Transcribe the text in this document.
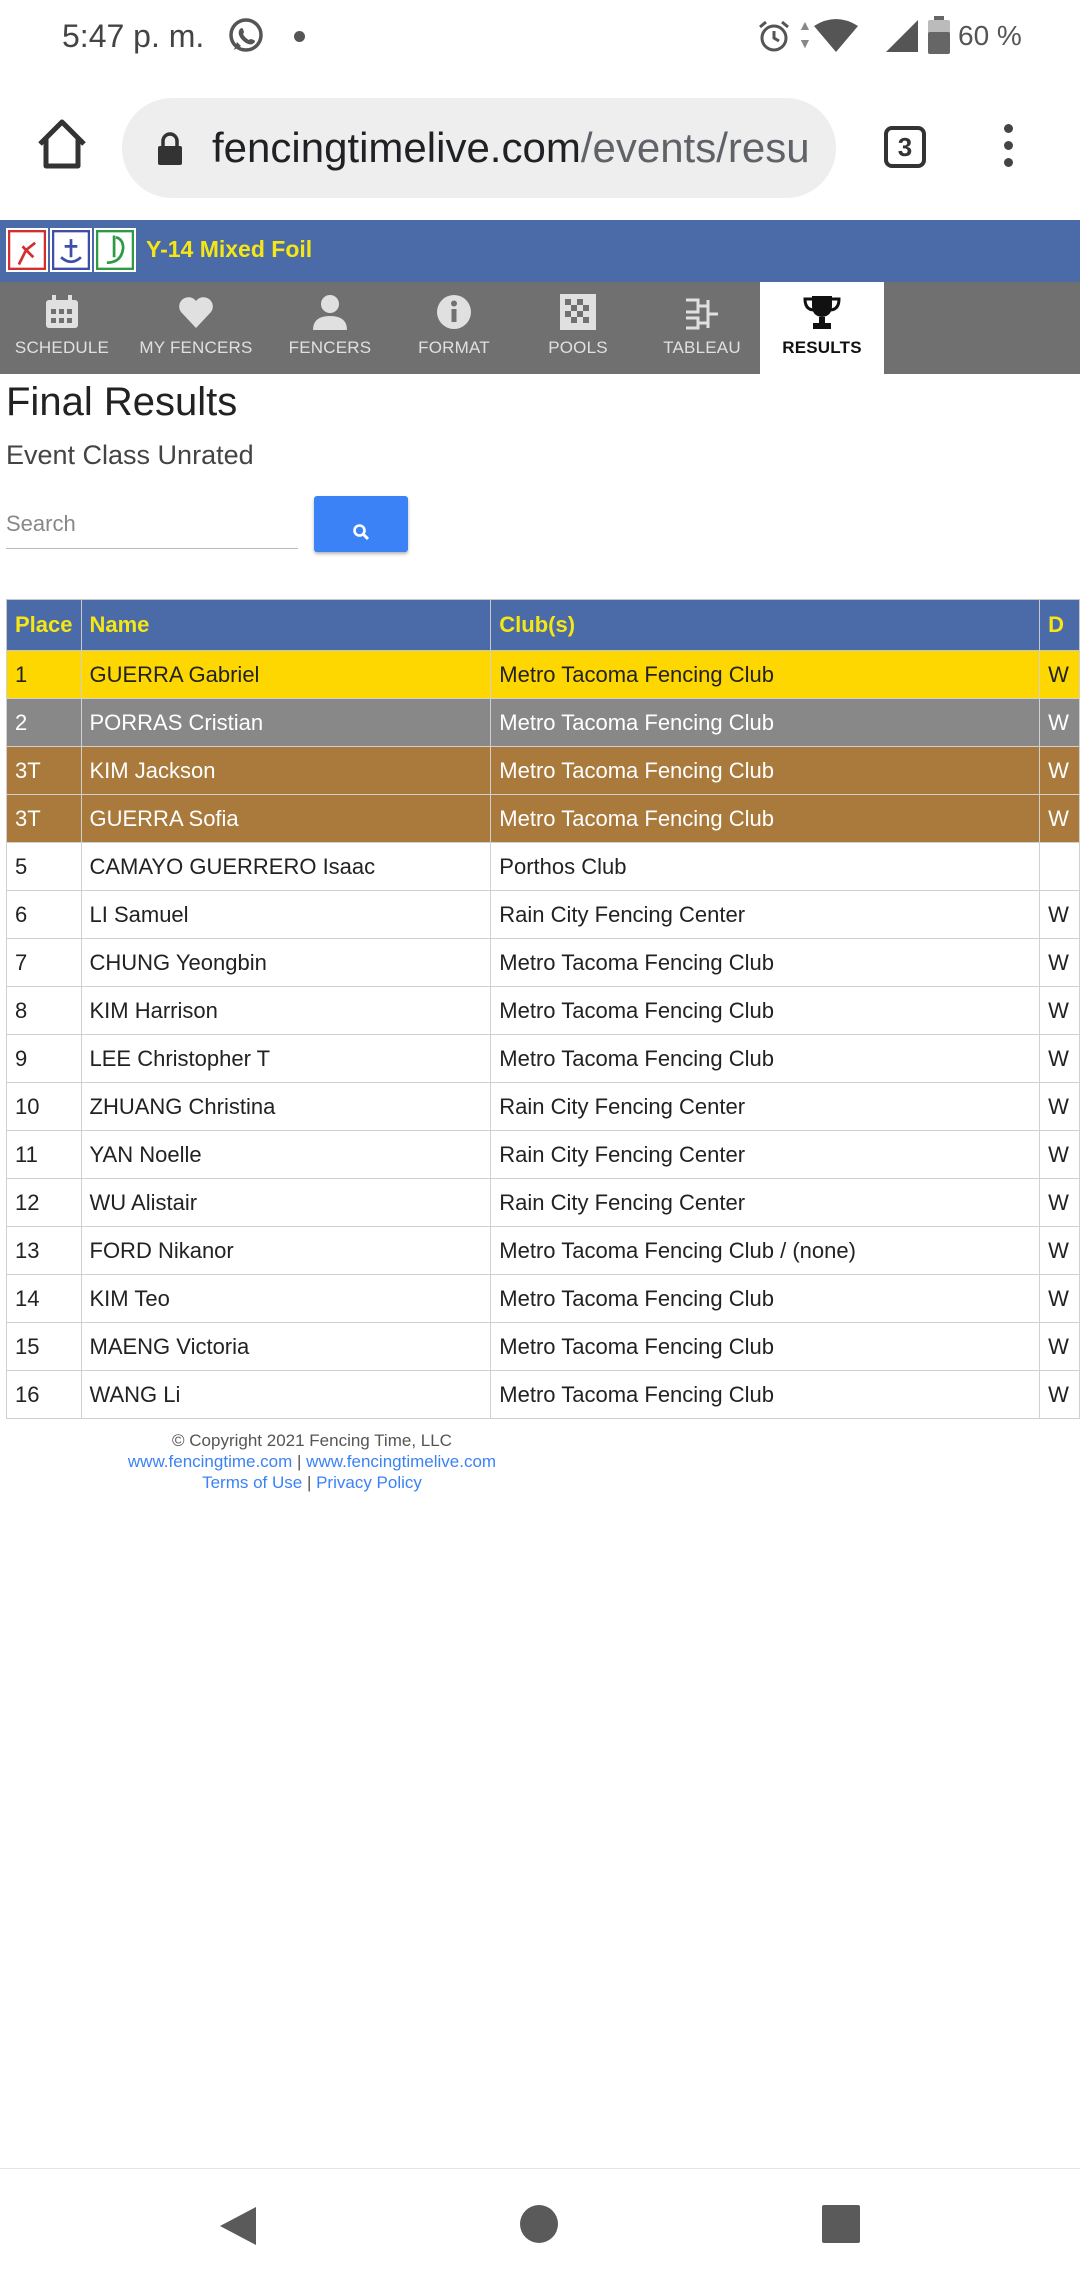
5:47 p. m.	▲
▼	60 %
fencingtimelive.com/events/resu	3
Y-14 Mixed Foil
SCHEDULE	MY FENCERS	FENCERS	FORMAT	POOLS	TABLEAU	RESULTS
Final Results
Event Class Unrated
Search
Place	Name	Club(s)	D
1	GUERRA Gabriel	Metro Tacoma Fencing Club	W
2	PORRAS Cristian	Metro Tacoma Fencing Club	W
3T	KIM Jackson	Metro Tacoma Fencing Club	W
3T	GUERRA Sofia	Metro Tacoma Fencing Club	W
5	CAMAYO GUERRERO Isaac	Porthos Club	
6	LI Samuel	Rain City Fencing Center	W
7	CHUNG Yeongbin	Metro Tacoma Fencing Club	W
8	KIM Harrison	Metro Tacoma Fencing Club	W
9	LEE Christopher T	Metro Tacoma Fencing Club	W
10	ZHUANG Christina	Rain City Fencing Center	W
11	YAN Noelle	Rain City Fencing Center	W
12	WU Alistair	Rain City Fencing Center	W
13	FORD Nikanor	Metro Tacoma Fencing Club / (none)	W
14	KIM Teo	Metro Tacoma Fencing Club	W
15	MAENG Victoria	Metro Tacoma Fencing Club	W
16	WANG Li	Metro Tacoma Fencing Club	W
© Copyright 2021 Fencing Time, LLC
www.fencingtime.com | www.fencingtimelive.com
Terms of Use | Privacy Policy
